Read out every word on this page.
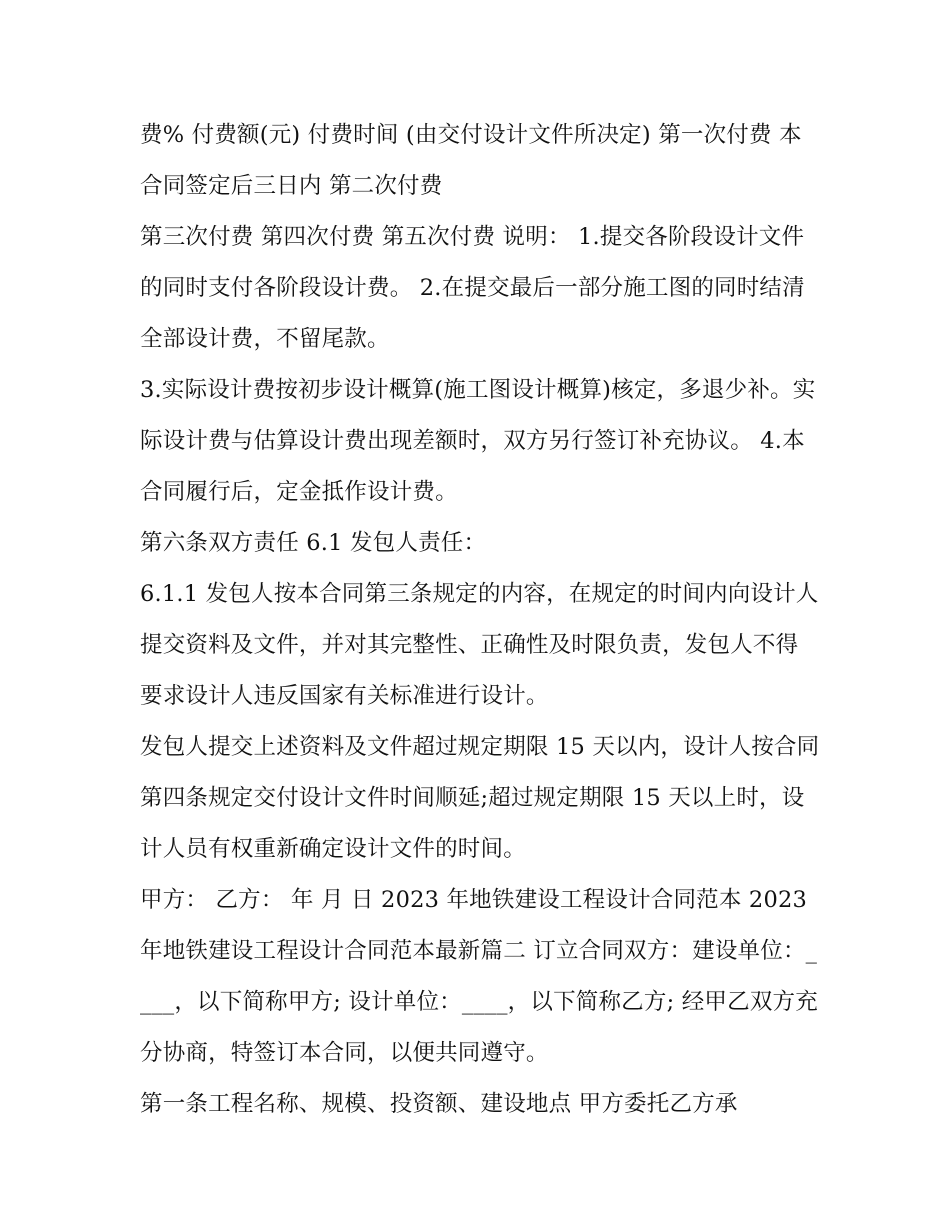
费% 付费额(元) 付费时间 (由交付设计文件所决定) 第一次付费 本合同签定后三日内 第二次付费

第三次付费 第四次付费 第五次付费 说明： 1.提交各阶段设计文件的同时支付各阶段设计费。 2.在提交最后一部分施工图的同时结清全部设计费，不留尾款。

3.实际设计费按初步设计概算(施工图设计概算)核定，多退少补。实际设计费与估算设计费出现差额时，双方另行签订补充协议。 4.本合同履行后，定金抵作设计费。

第六条双方责任 6.1 发包人责任：

6.1.1 发包人按本合同第三条规定的内容，在规定的时间内向设计人提交资料及文件，并对其完整性、正确性及时限负责，发包人不得要求设计人违反国家有关标准进行设计。

发包人提交上述资料及文件超过规定期限 15 天以内，设计人按合同第四条规定交付设计文件时间顺延;超过规定期限 15 天以上时，设计人员有权重新确定设计文件的时间。

甲方： 乙方： 年 月 日 2023 年地铁建设工程设计合同范本 2023 年地铁建设工程设计合同范本最新篇二 订立合同双方：建设单位：____，以下简称甲方; 设计单位：____，以下简称乙方; 经甲乙双方充分协商，特签订本合同，以便共同遵守。

第一条工程名称、规模、投资额、建设地点 甲方委托乙方承
